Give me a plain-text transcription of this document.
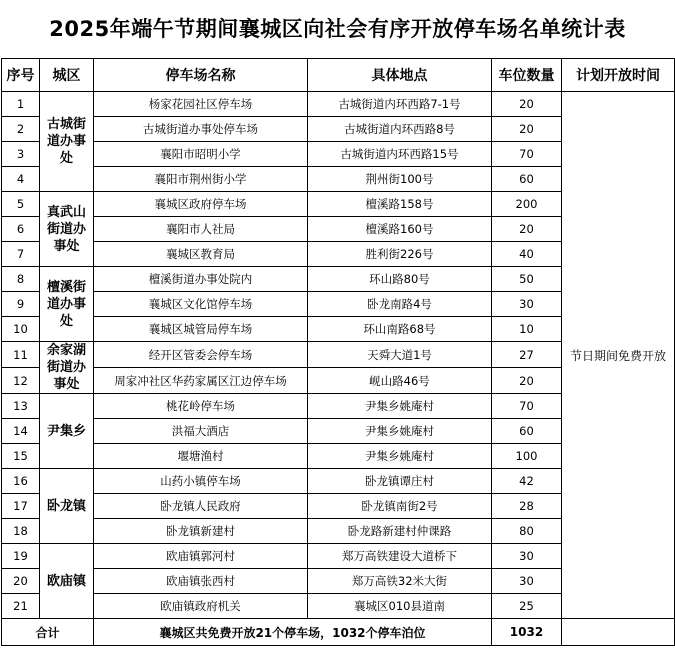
2025年端午节期间襄城区向社会有序开放停车场名单统计表
序号	城区	停车场名称	具体地点	车位数量	计划开放时间
1	古城街道办事处	杨家花园社区停车场	古城街道内环西路7-1号	20	节日期间免费开放
2		古城街道办事处停车场	古城街道内环西路8号	20	
3		襄阳市昭明小学	古城街道内环西路15号	70	
4		襄阳市荆州街小学	荆州街100号	60	
5	真武山街道办事处	襄城区政府停车场	檀溪路158号	200	
6		襄阳市人社局	檀溪路160号	20	
7		襄城区教育局	胜利街226号	40	
8	檀溪街道办事处	檀溪街道办事处院内	环山路80号	50	
9		襄城区文化馆停车场	卧龙南路4号	30	
10		襄城区城管局停车场	环山南路68号	10	
11	余家湖街道办事处	经开区管委会停车场	天舜大道1号	27	
12		周家冲社区华药家属区江边停车场	岘山路46号	20	
13	尹集乡	桃花岭停车场	尹集乡姚庵村	70	
14		洪福大酒店	尹集乡姚庵村	60	
15		堰塘渔村	尹集乡姚庵村	100	
16	卧龙镇	山药小镇停车场	卧龙镇谭庄村	42	
17		卧龙镇人民政府	卧龙镇南街2号	28	
18		卧龙镇新建村	卧龙路新建村仲课路	80	
19	欧庙镇	欧庙镇郭河村	郑万高铁建设大道桥下	30	
20		欧庙镇张西村	郑万高铁32米大街	30	
21		欧庙镇政府机关	襄城区010县道南	25	
合计		襄城区共免费开放21个停车场，1032个停车泊位		1032	
